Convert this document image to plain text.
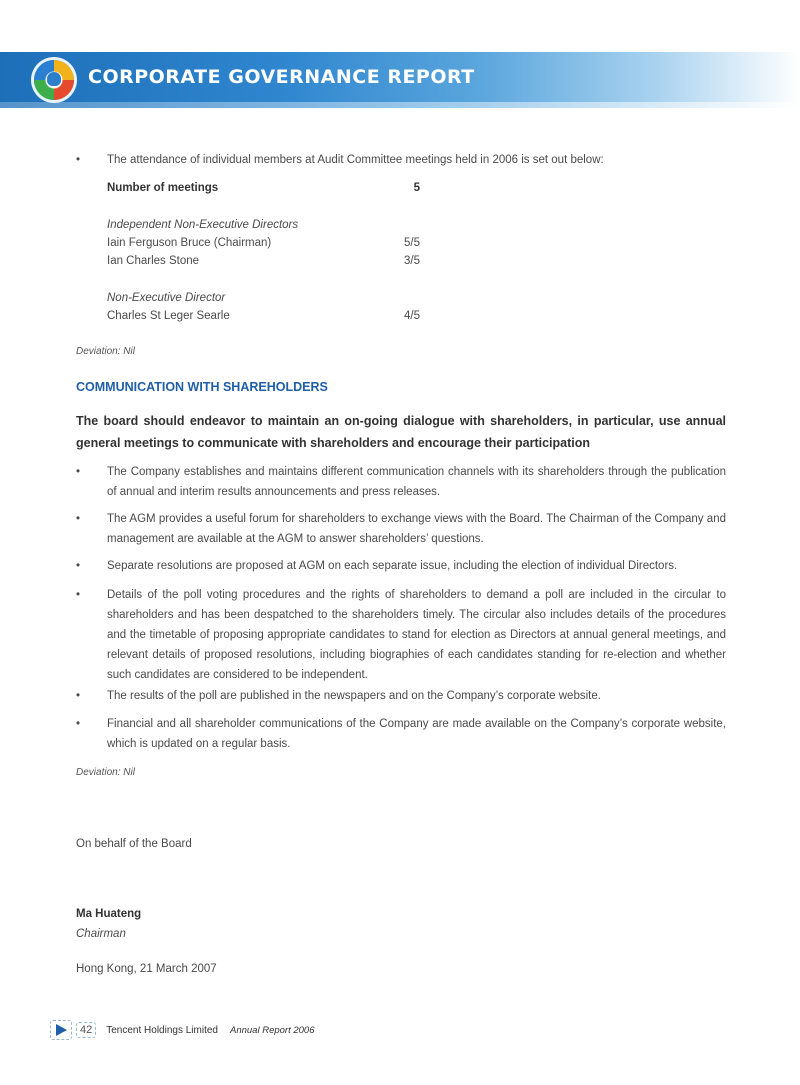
CORPORATE GOVERNANCE REPORT
• The attendance of individual members at Audit Committee meetings held in 2006 is set out below:
Number of meetings	5
Independent Non-Executive Directors
Iain Ferguson Bruce (Chairman)	5/5
Ian Charles Stone	3/5
Non-Executive Director
Charles St Leger Searle	4/5
Deviation: Nil
COMMUNICATION WITH SHAREHOLDERS
The board should endeavor to maintain an on-going dialogue with shareholders, in particular, use annual general meetings to communicate with shareholders and encourage their participation
• The Company establishes and maintains different communication channels with its shareholders through the publication of annual and interim results announcements and press releases.
• The AGM provides a useful forum for shareholders to exchange views with the Board. The Chairman of the Company and management are available at the AGM to answer shareholders’ questions.
• Separate resolutions are proposed at AGM on each separate issue, including the election of individual Directors.
• Details of the poll voting procedures and the rights of shareholders to demand a poll are included in the circular to shareholders and has been despatched to the shareholders timely. The circular also includes details of the procedures and the timetable of proposing appropriate candidates to stand for election as Directors at annual general meetings, and relevant details of proposed resolutions, including biographies of each candidates standing for re-election and whether such candidates are considered to be independent.
• The results of the poll are published in the newspapers and on the Company’s corporate website.
• Financial and all shareholder communications of the Company are made available on the Company’s corporate website, which is updated on a regular basis.
Deviation: Nil
On behalf of the Board
Ma Huateng
Chairman
Hong Kong, 21 March 2007
42	Tencent Holdings Limited Annual Report 2006
